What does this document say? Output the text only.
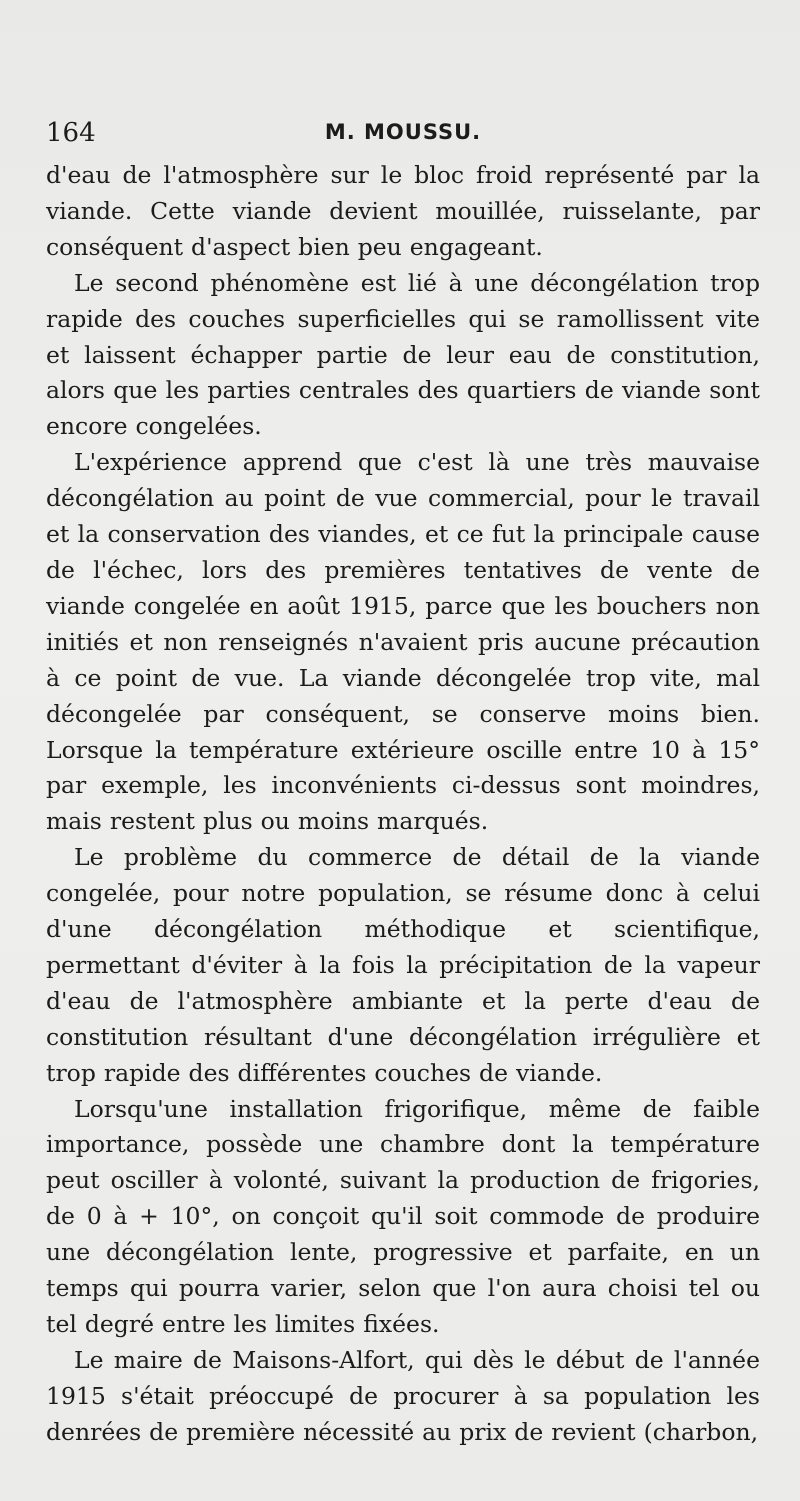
164	M. MOUSSU.

d'eau de l'atmosphère sur le bloc froid représenté par la viande. Cette viande devient mouillée, ruisselante, par conséquent d'aspect bien peu engageant.

Le second phénomène est lié à une décongélation trop rapide des couches superficielles qui se ramollissent vite et laissent échapper partie de leur eau de constitution, alors que les parties centrales des quartiers de viande sont encore congelées.

L'expérience apprend que c'est là une très mauvaise décongélation au point de vue commercial, pour le travail et la conservation des viandes, et ce fut la principale cause de l'échec, lors des premières tentatives de vente de viande congelée en août 1915, parce que les bouchers non initiés et non renseignés n'avaient pris aucune précaution à ce point de vue. La viande décongelée trop vite, mal décongelée par conséquent, se conserve moins bien. Lorsque la température extérieure oscille entre 10 à 15° par exemple, les inconvénients ci-dessus sont moindres, mais restent plus ou moins marqués.

Le problème du commerce de détail de la viande congelée, pour notre population, se résume donc à celui d'une décongélation méthodique et scientifique, permettant d'éviter à la fois la précipitation de la vapeur d'eau de l'atmosphère ambiante et la perte d'eau de constitution résultant d'une décongélation irrégulière et trop rapide des différentes couches de viande.

Lorsqu'une installation frigorifique, même de faible importance, possède une chambre dont la température peut osciller à volonté, suivant la production de frigories, de 0 à + 10°, on conçoit qu'il soit commode de produire une décongélation lente, progressive et parfaite, en un temps qui pourra varier, selon que l'on aura choisi tel ou tel degré entre les limites fixées.

Le maire de Maisons-Alfort, qui dès le début de l'année 1915 s'était préoccupé de procurer à sa population les denrées de première nécessité au prix de revient (charbon,
